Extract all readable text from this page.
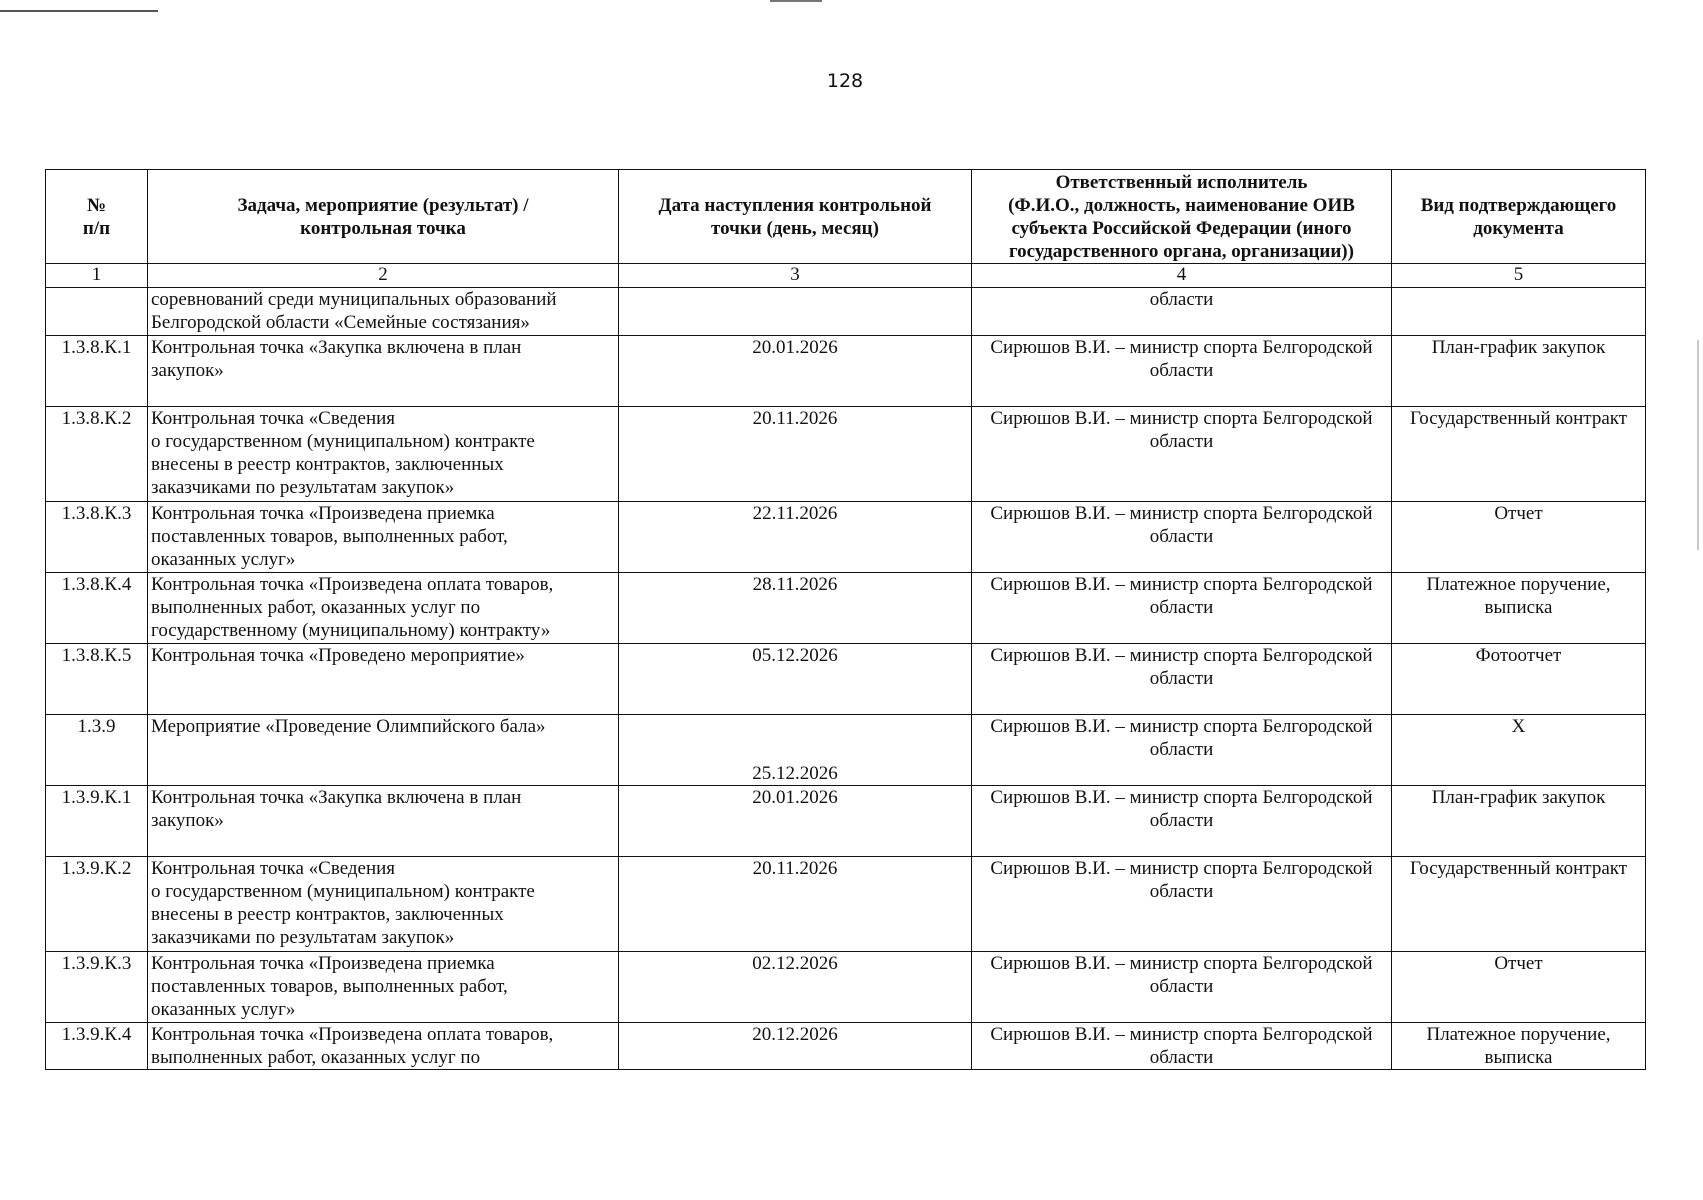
128
№
п/п	Задача, мероприятие (результат) /
контрольная точка	Дата наступления контрольной
точки (день, месяц)	Ответственный исполнитель
(Ф.И.О., должность, наименование ОИВ
субъекта Российской Федерации (иного
государственного органа, организации))	Вид подтверждающего
документа

1	2	3	4	5

	соревнований среди муниципальных образований
Белгородской области «Семейные состязания»		области	

1.3.8.К.1	Контрольная точка «Закупка включена в план
закупок»	20.01.2026	Сирюшов В.И. – министр спорта Белгородской
области	План-график закупок

1.3.8.К.2	Контрольная точка «Сведения
о государственном (муниципальном) контракте
внесены в реестр контрактов, заключенных
заказчиками по результатам закупок»	20.11.2026	Сирюшов В.И. – министр спорта Белгородской
области	Государственный контракт

1.3.8.К.3	Контрольная точка «Произведена приемка
поставленных товаров, выполненных работ,
оказанных услуг»	22.11.2026	Сирюшов В.И. – министр спорта Белгородской
области	Отчет

1.3.8.К.4	Контрольная точка «Произведена оплата товаров,
выполненных работ, оказанных услуг по
государственному (муниципальному) контракту»	28.11.2026	Сирюшов В.И. – министр спорта Белгородской
области	Платежное поручение,
выписка

1.3.8.К.5	Контрольная точка «Проведено мероприятие»	05.12.2026	Сирюшов В.И. – министр спорта Белгородской
области	Фотоотчет

1.3.9	Мероприятие «Проведение Олимпийского бала»	25.12.2026	Сирюшов В.И. – министр спорта Белгородской
области	Х

1.3.9.К.1	Контрольная точка «Закупка включена в план
закупок»	20.01.2026	Сирюшов В.И. – министр спорта Белгородской
области	План-график закупок

1.3.9.К.2	Контрольная точка «Сведения
о государственном (муниципальном) контракте
внесены в реестр контрактов, заключенных
заказчиками по результатам закупок»	20.11.2026	Сирюшов В.И. – министр спорта Белгородской
области	Государственный контракт

1.3.9.К.3	Контрольная точка «Произведена приемка
поставленных товаров, выполненных работ,
оказанных услуг»	02.12.2026	Сирюшов В.И. – министр спорта Белгородской
области	Отчет

1.3.9.К.4	Контрольная точка «Произведена оплата товаров,
выполненных работ, оказанных услуг по	20.12.2026	Сирюшов В.И. – министр спорта Белгородской
области	Платежное поручение,
выписка
